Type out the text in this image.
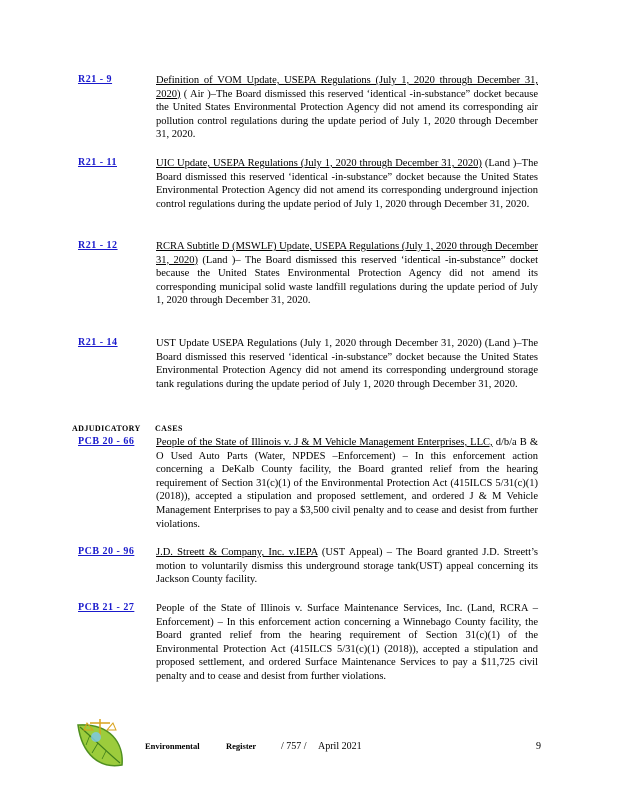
R21 - 9	Definition of VOM Update, USEPA Regulations (July 1, 2020 through December 31, 2020) ( Air )–The Board dismissed this reserved ‘identical -in-substance” docket because the United States Environmental Protection Agency did not amend its corresponding air pollution control regulations during the update period of July 1, 2020 through December 31, 2020.
R21 - 11	UIC Update, USEPA Regulations (July 1, 2020 through December 31, 2020) (Land )–The Board dismissed this reserved ‘identical -in-substance” docket because the United States Environmental Protection Agency did not amend its corresponding underground injection control regulations during the update period of July 1, 2020 through December 31, 2020.
R21 - 12	RCRA Subtitle D (MSWLF) Update, USEPA Regulations (July 1, 2020 through December 31, 2020) (Land )– The Board dismissed this reserved ‘identical -in-substance” docket because the United States Environmental Protection Agency did not amend its corresponding municipal solid waste landfill regulations during the update period of July 1, 2020 through December 31, 2020.
R21 - 14	UST Update USEPA Regulations (July 1, 2020 through December 31, 2020) (Land )–The Board dismissed this reserved ‘identical -in-substance” docket because the United States Environmental Protection Agency did not amend its corresponding underground storage tank regulations during the update period of July 1, 2020 through December 31, 2020.
ADJUDICATORY CASES
PCB 20 - 66	People of the State of Illinois v. J & M Vehicle Management Enterprises, LLC, d/b/a B & O Used Auto Parts (Water, NPDES –Enforcement) – In this enforcement action concerning a DeKalb County facility, the Board granted relief from the hearing requirement of Section 31(c)(1) of the Environmental Protection Act (415ILCS 5/31(c)(1) (2018)), accepted a stipulation and proposed settlement, and ordered J & M Vehicle Management Enterprises to pay a $3,500 civil penalty and to cease and desist from further violations.
PCB 20 - 96	J.D. Streett & Company, Inc. v.IEPA (UST Appeal) – The Board granted J.D. Streett’s motion to voluntarily dismiss this underground storage tank(UST) appeal concerning its Jackson County facility.
PCB 21 - 27	People of the State of Illinois v. Surface Maintenance Services, Inc. (Land, RCRA –Enforcement) – In this enforcement action concerning a Winnebago County facility, the Board granted relief from the hearing requirement of Section 31(c)(1) of the Environmental Protection Act (415ILCS 5/31(c)(1) (2018)), accepted a stipulation and proposed settlement, and ordered Surface Maintenance Services to pay a $11,725 civil penalty and to cease and desist from further violations.
Environmental	Register / 757 / April 2021	9
